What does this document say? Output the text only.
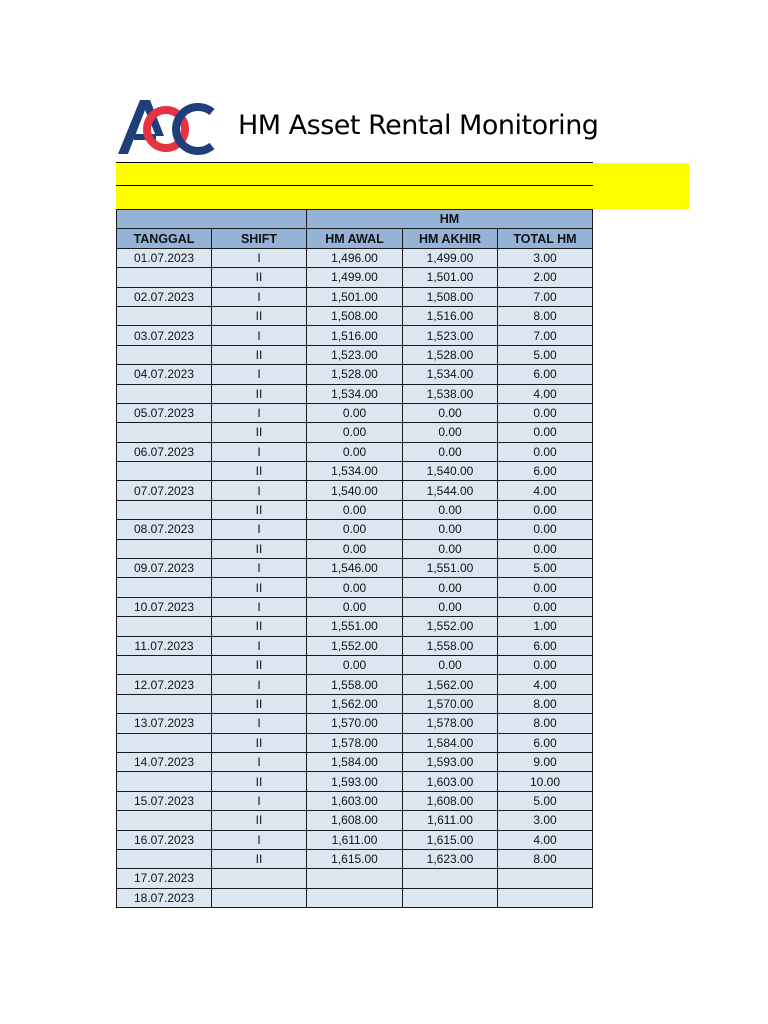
HM Asset Rental Monitoring
		HM		
TANGGAL	SHIFT	HM AWAL	HM AKHIR	TOTAL HM
01.07.2023	I	1,496.00	1,499.00	3.00
	II	1,499.00	1,501.00	2.00
02.07.2023	I	1,501.00	1,508.00	7.00
	II	1,508.00	1,516.00	8.00
03.07.2023	I	1,516.00	1,523.00	7.00
	II	1,523.00	1,528.00	5.00
04.07.2023	I	1,528.00	1,534.00	6.00
	II	1,534.00	1,538.00	4.00
05.07.2023	I	0.00	0.00	0.00
	II	0.00	0.00	0.00
06.07.2023	I	0.00	0.00	0.00
	II	1,534.00	1,540.00	6.00
07.07.2023	I	1,540.00	1,544.00	4.00
	II	0.00	0.00	0.00
08.07.2023	I	0.00	0.00	0.00
	II	0.00	0.00	0.00
09.07.2023	I	1,546.00	1,551.00	5.00
	II	0.00	0.00	0.00
10.07.2023	I	0.00	0.00	0.00
	II	1,551.00	1,552.00	1.00
11.07.2023	I	1,552.00	1,558.00	6.00
	II	0.00	0.00	0.00
12.07.2023	I	1,558.00	1,562.00	4.00
	II	1,562.00	1,570.00	8.00
13.07.2023	I	1,570.00	1,578.00	8.00
	II	1,578.00	1,584.00	6.00
14.07.2023	I	1,584.00	1,593.00	9.00
	II	1,593.00	1,603.00	10.00
15.07.2023	I	1,603.00	1,608.00	5.00
	II	1,608.00	1,611.00	3.00
16.07.2023	I	1,611.00	1,615.00	4.00
	II	1,615.00	1,623.00	8.00
17.07.2023				
18.07.2023				
